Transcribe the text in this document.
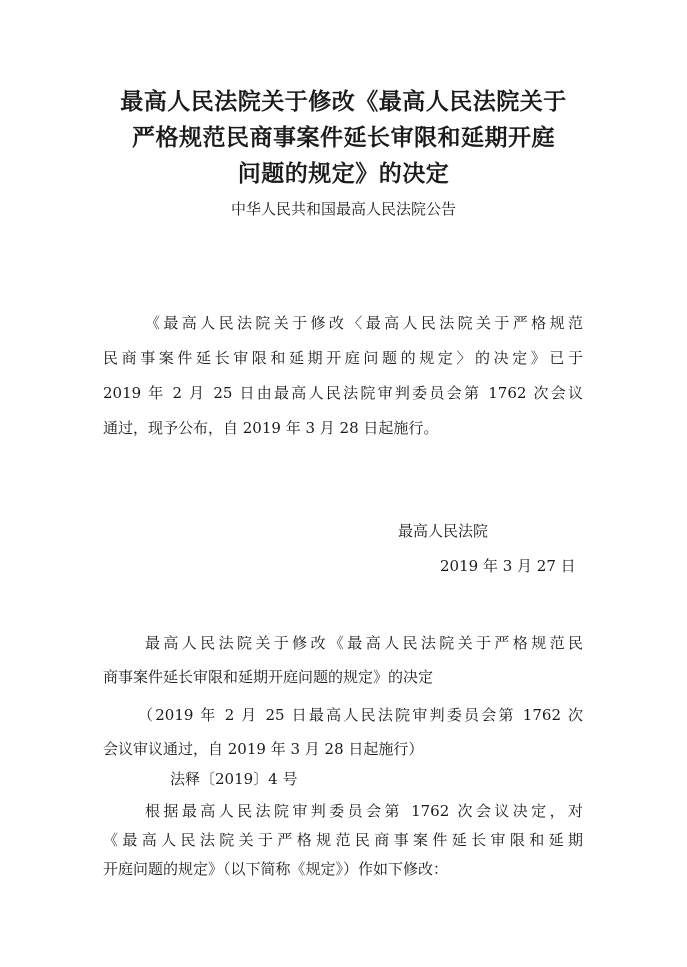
最高人民法院关于修改《最高人民法院关于
严格规范民商事案件延长审限和延期开庭
问题的规定》的决定
中华人民共和国最高人民法院公告

《最高人民法院关于修改〈最高人民法院关于严格规范
民商事案件延长审限和延期开庭问题的规定〉的决定》已于
2019 年 2 月 25 日由最高人民法院审判委员会第 1762 次会议
通过，现予公布，自 2019 年 3 月 28 日起施行。

最高人民法院
2019 年 3 月 27 日

最高人民法院关于修改《最高人民法院关于严格规范民
商事案件延长审限和延期开庭问题的规定》的决定

（2019 年 2 月 25 日最高人民法院审判委员会第 1762 次
会议审议通过，自 2019 年 3 月 28 日起施行）

法释〔2019〕4 号

根据最高人民法院审判委员会第 1762 次会议决定，对
《最高人民法院关于严格规范民商事案件延长审限和延期
开庭问题的规定》（以下简称《规定》）作如下修改：
